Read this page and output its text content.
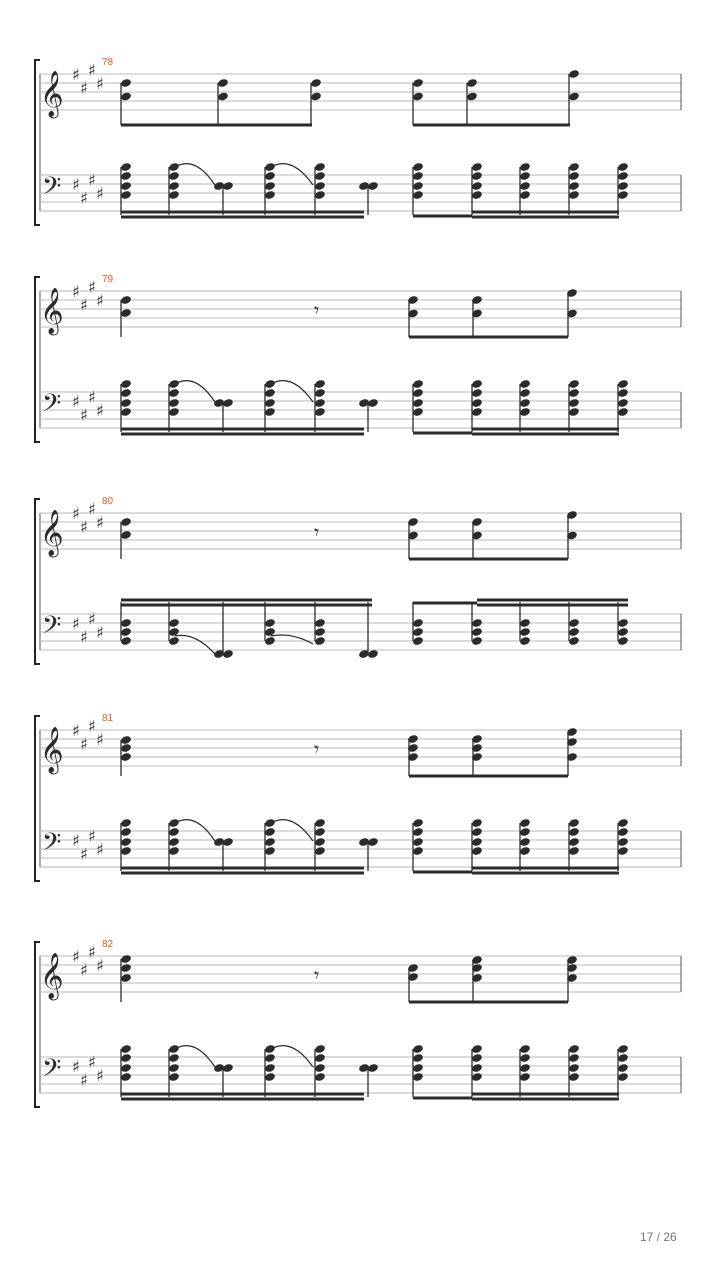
𝄞
𝄢
♯
♯
♯
♯
♯
♯
♯
♯
78
𝄞
𝄢
♯
♯
♯
♯
♯
♯
♯
♯
79
𝄾
𝄞
𝄢
♯
♯
♯
♯
♯
♯
♯
♯
80
𝄾
𝄞
𝄢
♯
♯
♯
♯
♯
♯
♯
♯
81
𝄾
𝄞
𝄢
♯
♯
♯
♯
♯
♯
♯
♯
82
𝄾
17 / 26
